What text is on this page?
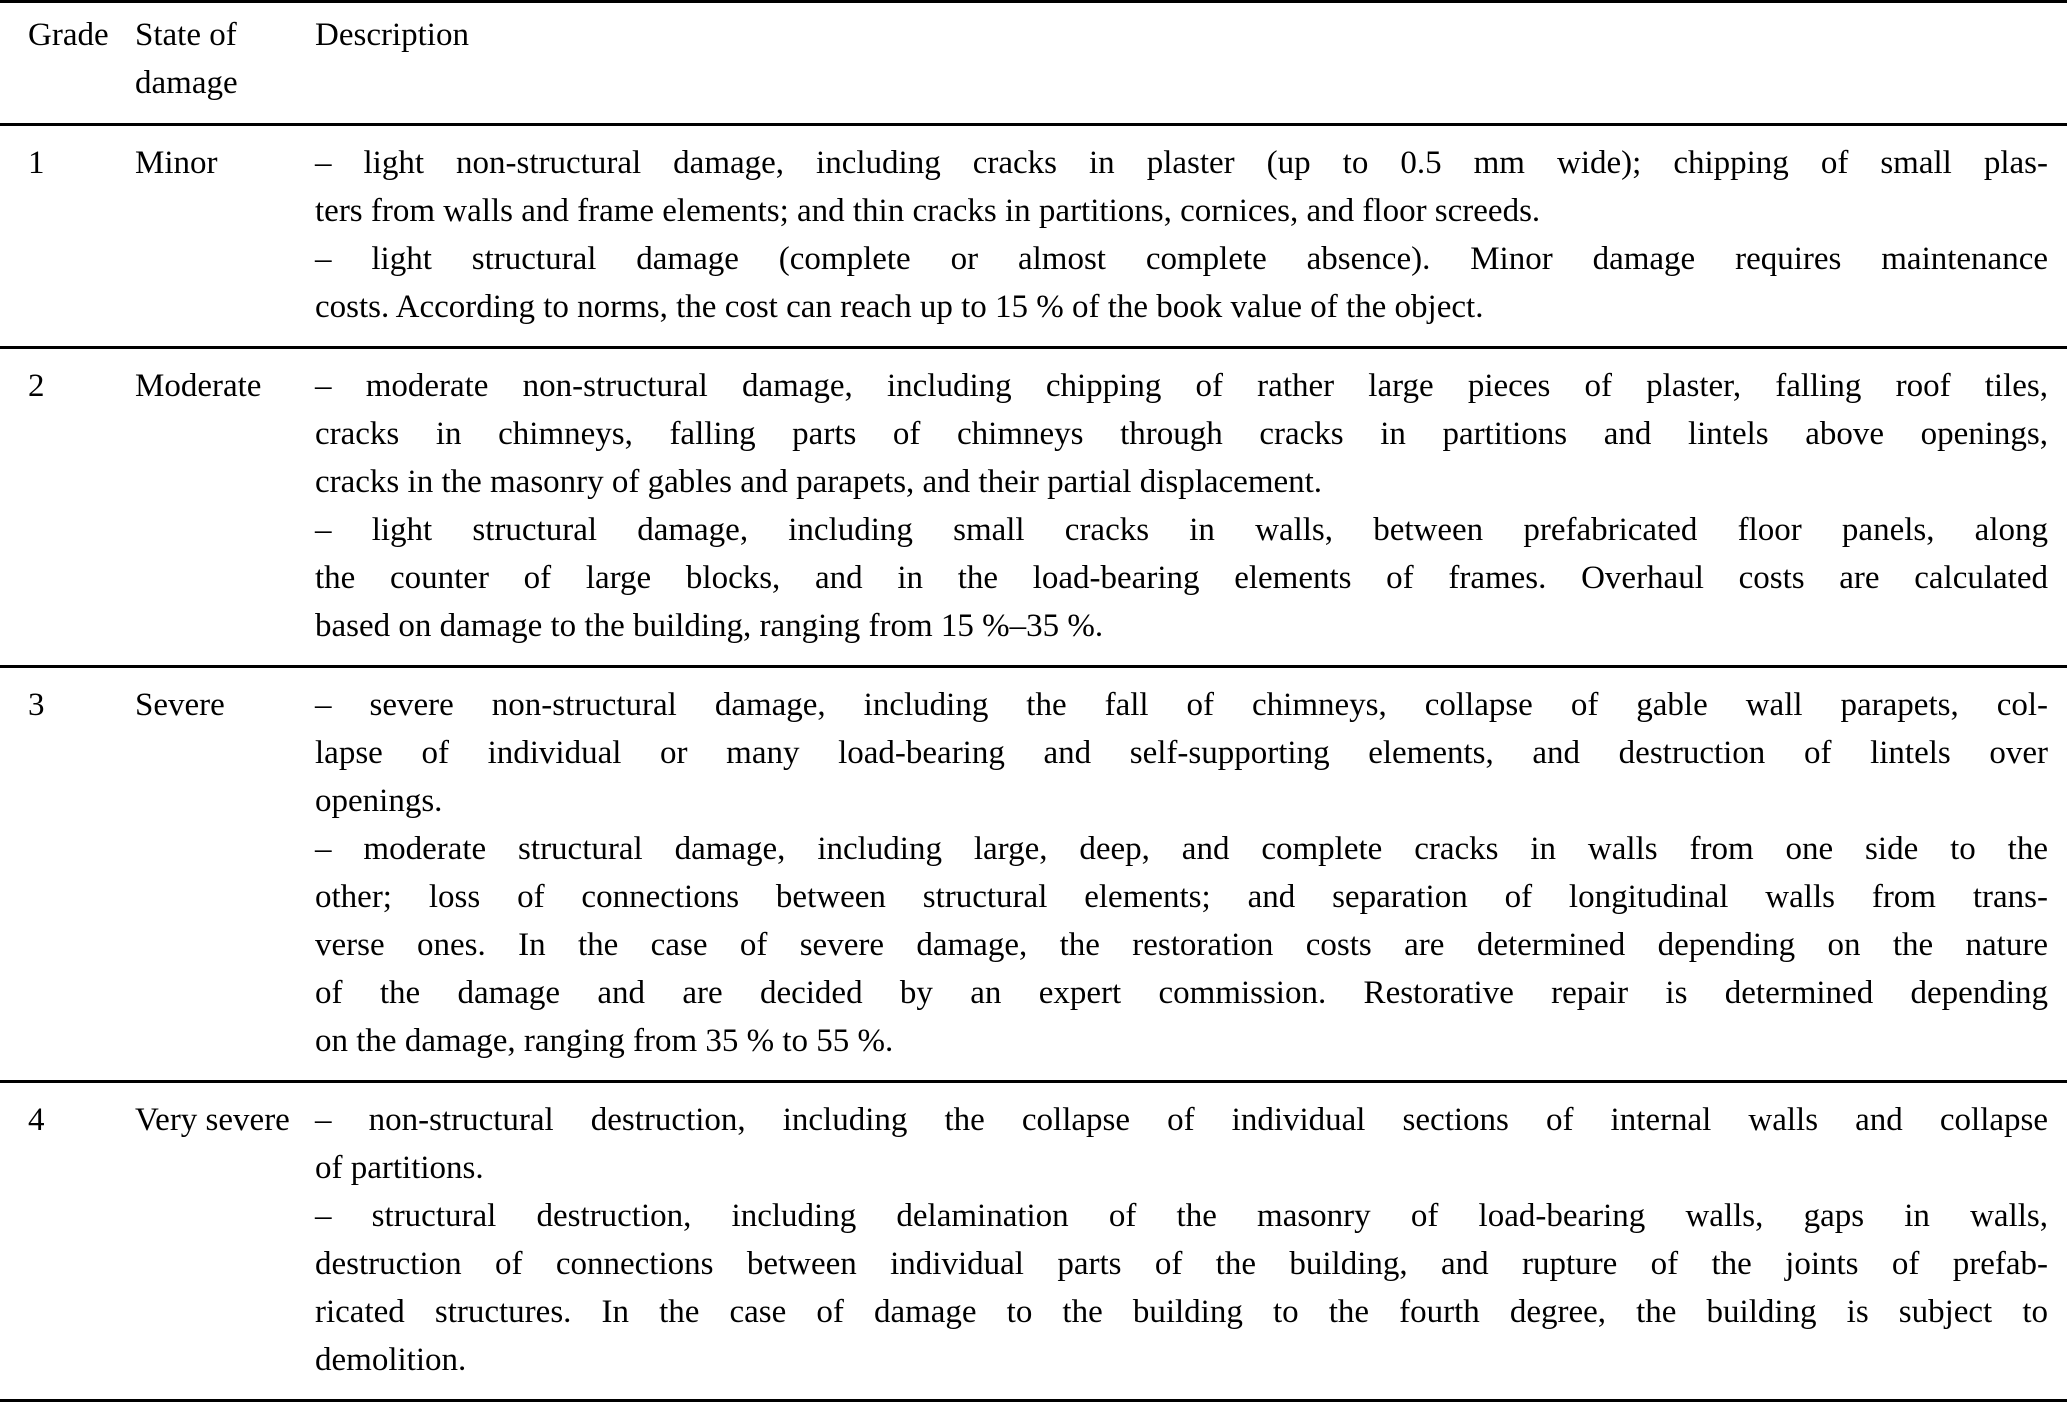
Grade	State of damage	Description
1	Minor	– light non-structural damage, including cracks in plaster (up to 0.5 mm wide); chipping of small plas-
ters from walls and frame elements; and thin cracks in partitions, cornices, and floor screeds.
– light structural damage (complete or almost complete absence). Minor damage requires maintenance
costs. According to norms, the cost can reach up to 15 % of the book value of the object.

2	Moderate	– moderate non-structural damage, including chipping of rather large pieces of plaster, falling roof tiles,
cracks in chimneys, falling parts of chimneys through cracks in partitions and lintels above openings,
cracks in the masonry of gables and parapets, and their partial displacement.
– light structural damage, including small cracks in walls, between prefabricated floor panels, along
the counter of large blocks, and in the load-bearing elements of frames. Overhaul costs are calculated
based on damage to the building, ranging from 15 %–35 %.

3	Severe	– severe non-structural damage, including the fall of chimneys, collapse of gable wall parapets, col-
lapse of individual or many load-bearing and self-supporting elements, and destruction of lintels over
openings.
– moderate structural damage, including large, deep, and complete cracks in walls from one side to the
other; loss of connections between structural elements; and separation of longitudinal walls from trans-
verse ones. In the case of severe damage, the restoration costs are determined depending on the nature
of the damage and are decided by an expert commission. Restorative repair is determined depending
on the damage, ranging from 35 % to 55 %.

4	Very severe	– non-structural destruction, including the collapse of individual sections of internal walls and collapse
of partitions.
– structural destruction, including delamination of the masonry of load-bearing walls, gaps in walls,
destruction of connections between individual parts of the building, and rupture of the joints of prefab-
ricated structures. In the case of damage to the building to the fourth degree, the building is subject to
demolition.
